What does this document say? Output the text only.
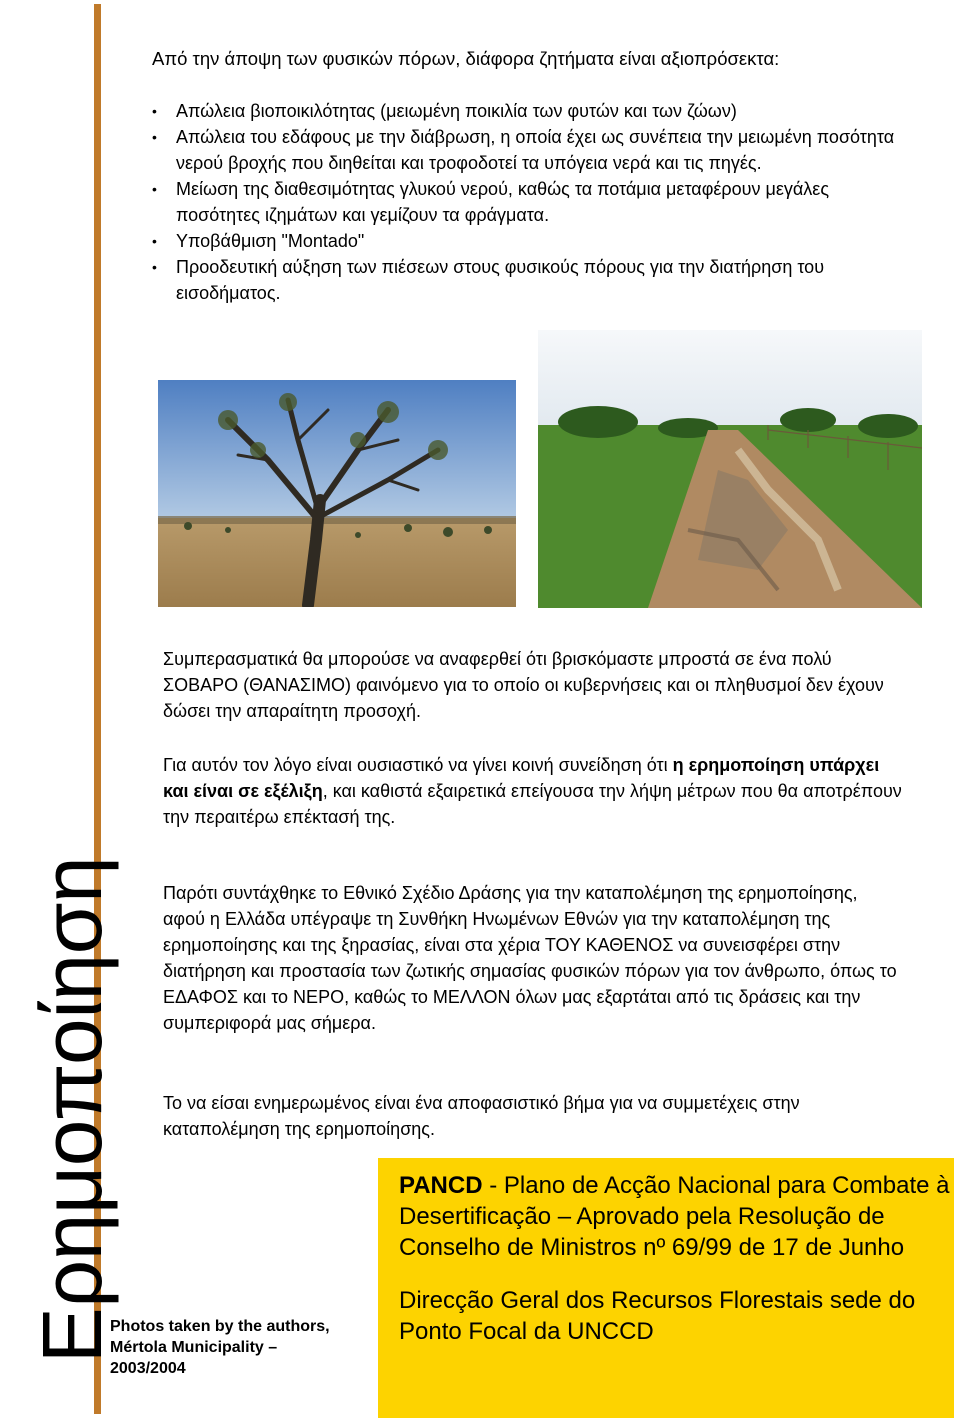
Ερημοποίηση
Από την άποψη των φυσικών πόρων, διάφορα ζητήματα είναι αξιοπρόσεκτα:
• Απώλεια βιοποικιλότητας (μειωμένη ποικιλία των φυτών και των ζώων)
• Απώλεια του εδάφους με την διάβρωση, η οποία έχει ως συνέπεια την μειωμένη ποσότητα νερού βροχής που διηθείται και τροφοδοτεί τα υπόγεια νερά και τις πηγές.
• Μείωση της διαθεσιμότητας γλυκού νερού, καθώς τα ποτάμια μεταφέρουν μεγάλες ποσότητες ιζημάτων και γεμίζουν τα φράγματα.
• Υποβάθμιση "Montado"
• Προοδευτική αύξηση των πιέσεων στους φυσικούς πόρους για την διατήρηση του εισοδήματος.
Συμπερασματικά θα μπορούσε να αναφερθεί ότι βρισκόμαστε μπροστά σε ένα πολύ ΣΟΒΑΡΟ (ΘΑΝΑΣΙΜΟ) φαινόμενο για το οποίο οι κυβερνήσεις και οι πληθυσμοί δεν έχουν δώσει την απαραίτητη προσοχή.
Για αυτόν τον λόγο είναι ουσιαστικό να γίνει κοινή συνείδηση ότι η ερημοποίηση υπάρχει και είναι σε εξέλιξη, και καθιστά εξαιρετικά επείγουσα την λήψη μέτρων που θα αποτρέπουν την περαιτέρω επέκτασή της.
Παρότι συντάχθηκε το Εθνικό Σχέδιο Δράσης για την καταπολέμηση της ερημοποίησης, αφού η Ελλάδα υπέγραψε τη Συνθήκη Ηνωμένων Εθνών για την καταπολέμηση της ερημοποίησης και της ξηρασίας, είναι στα χέρια ΤΟΥ ΚΑΘΕΝΟΣ να συνεισφέρει στην διατήρηση και προστασία των ζωτικής σημασίας φυσικών πόρων για τον άνθρωπο, όπως το ΕΔΑΦΟΣ και το ΝΕΡΟ, καθώς το ΜΕΛΛΟΝ όλων μας εξαρτάται από τις δράσεις και την συμπεριφορά μας σήμερα.
Το να είσαι ενημερωμένος είναι ένα αποφασιστικό βήμα για να συμμετέχεις στην καταπολέμηση της ερημοποίησης.
Photos taken by the authors, Mértola Municipality – 2003/2004
PANCD - Plano de Acção Nacional para Combate à Desertificação – Aprovado pela Resolução de Conselho de Ministros nº 69/99 de 17 de Junho
Direcção Geral dos Recursos Florestais sede do Ponto Focal da UNCCD
